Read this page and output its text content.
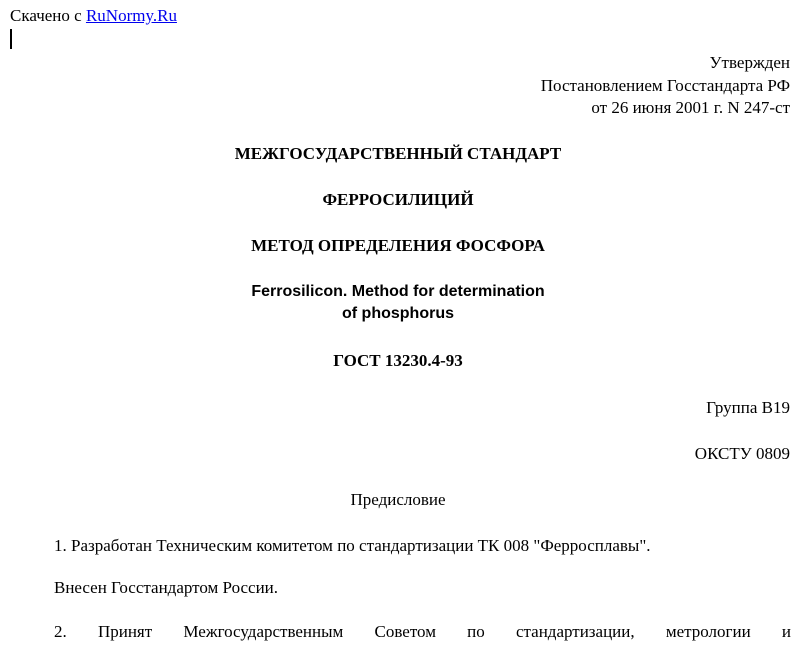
Скачено с RuNormy.Ru
Утвержден
Постановлением Госстандарта РФ
от 26 июня 2001 г. N 247-ст
МЕЖГОСУДАРСТВЕННЫЙ СТАНДАРТ
ФЕРРОСИЛИЦИЙ
МЕТОД ОПРЕДЕЛЕНИЯ ФОСФОРА
Ferrosilicon. Method for determination
of phosphorus
ГОСТ 13230.4-93
Группа В19
ОКСТУ 0809
Предисловие
1. Разработан Техническим комитетом по стандартизации ТК 008 "Ферросплавы".
Внесен Госстандартом России.
2. Принят Межгосударственным Советом по стандартизации, метрологии и
